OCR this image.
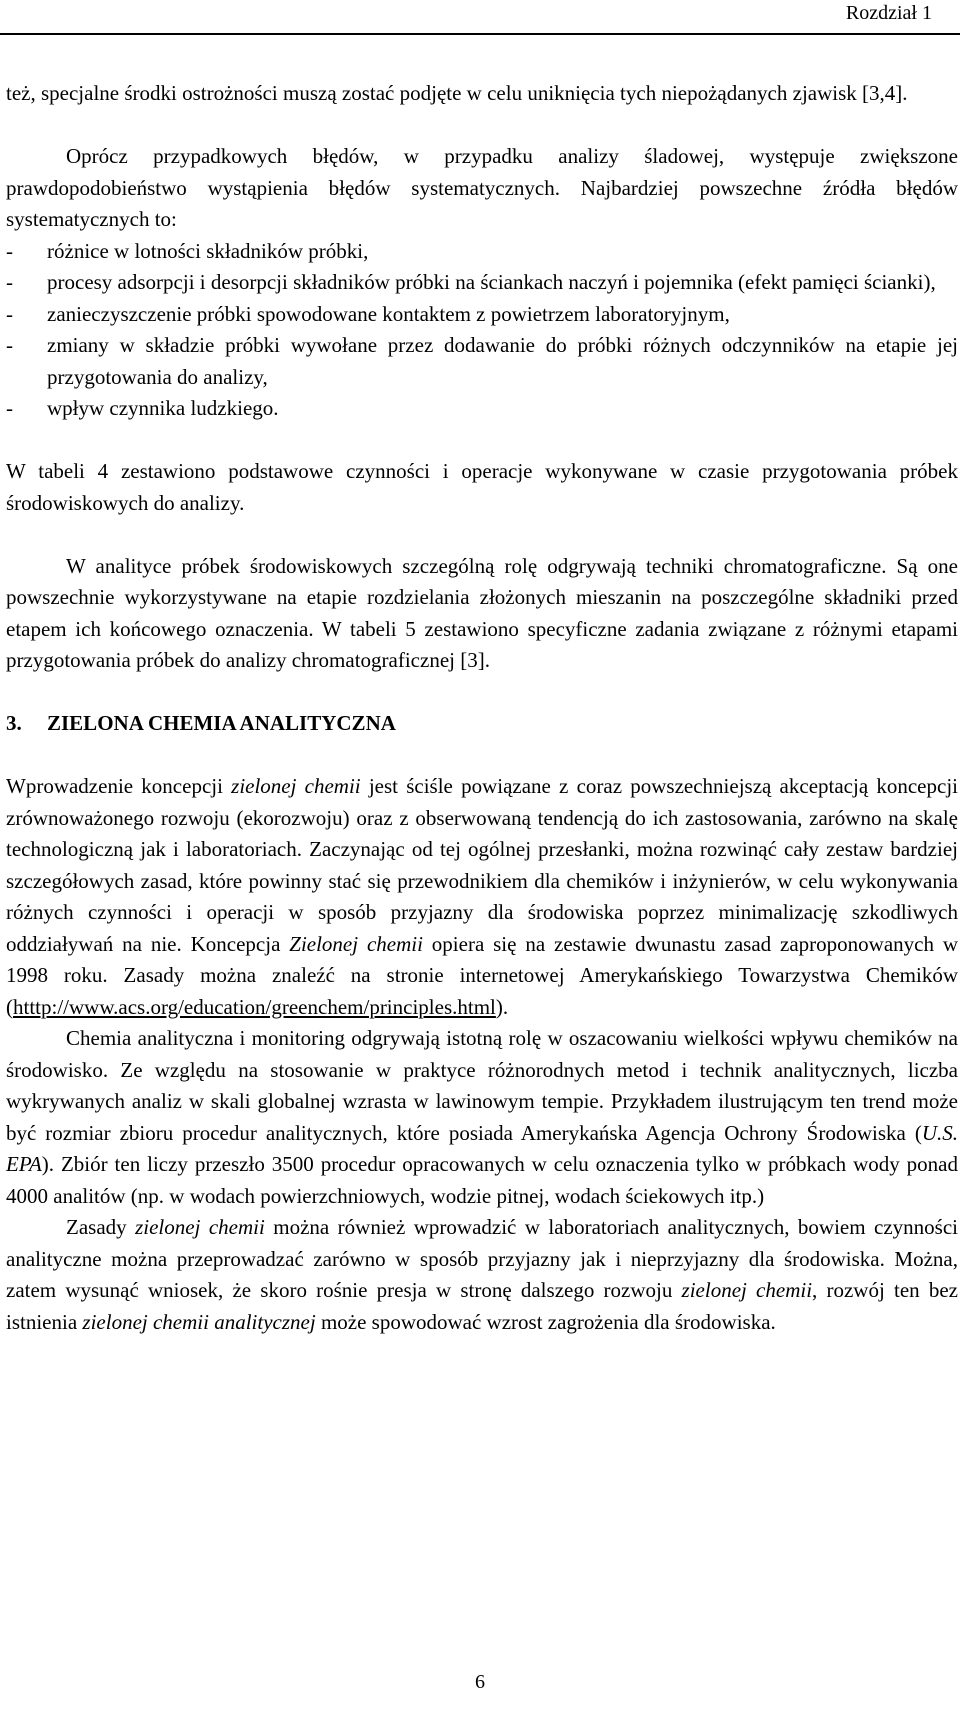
Rozdział 1

też, specjalne środki ostrożności muszą zostać podjęte w celu uniknięcia tych niepożądanych zjawisk [3,4].

Oprócz przypadkowych błędów, w przypadku analizy śladowej, występuje zwiększone prawdopodobieństwo wystąpienia błędów systematycznych. Najbardziej powszechne źródła błędów systematycznych to:

- różnice w lotności składników próbki,
- procesy adsorpcji i desorpcji składników próbki na ściankach naczyń i pojemnika (efekt pamięci ścianki),
- zanieczyszczenie próbki spowodowane kontaktem z powietrzem laboratoryjnym,
- zmiany w składzie próbki wywołane przez dodawanie do próbki różnych odczynników na etapie jej przygotowania do analizy,
- wpływ czynnika ludzkiego.

W tabeli 4 zestawiono podstawowe czynności i operacje wykonywane w czasie przygotowania próbek środowiskowych do analizy.

W analityce próbek środowiskowych szczególną rolę odgrywają techniki chromatograficzne. Są one powszechnie wykorzystywane na etapie rozdzielania złożonych mieszanin na poszczególne składniki przed etapem ich końcowego oznaczenia. W tabeli 5 zestawiono specyficzne zadania związane z różnymi etapami przygotowania próbek do analizy chromatograficznej [3].

3. ZIELONA CHEMIA ANALITYCZNA

Wprowadzenie koncepcji zielonej chemii jest ściśle powiązane z coraz powszechniejszą akceptacją koncepcji zrównoważonego rozwoju (ekorozwoju) oraz z obserwowaną tendencją do ich zastosowania, zarówno na skalę technologiczną jak i laboratoriach. Zaczynając od tej ogólnej przesłanki, można rozwinąć cały zestaw bardziej szczegółowych zasad, które powinny stać się przewodnikiem dla chemików i inżynierów, w celu wykonywania różnych czynności i operacji w sposób przyjazny dla środowiska poprzez minimalizację szkodliwych oddziaływań na nie. Koncepcja Zielonej chemii opiera się na zestawie dwunastu zasad zaproponowanych w 1998 roku. Zasady można znaleźć na stronie internetowej Amerykańskiego Towarzystwa Chemików (htttp://www.acs.org/education/greenchem/principles.html).

Chemia analityczna i monitoring odgrywają istotną rolę w oszacowaniu wielkości wpływu chemików na środowisko. Ze względu na stosowanie w praktyce różnorodnych metod i technik analitycznych, liczba wykrywanych analiz w skali globalnej wzrasta w lawinowym tempie. Przykładem ilustrującym ten trend może być rozmiar zbioru procedur analitycznych, które posiada Amerykańska Agencja Ochrony Środowiska (U.S. EPA). Zbiór ten liczy przeszło 3500 procedur opracowanych w celu oznaczenia tylko w próbkach wody ponad 4000 analitów (np. w wodach powierzchniowych, wodzie pitnej, wodach ściekowych itp.)

Zasady zielonej chemii można również wprowadzić w laboratoriach analitycznych, bowiem czynności analityczne można przeprowadzać zarówno w sposób przyjazny jak i nieprzyjazny dla środowiska. Można, zatem wysunąć wniosek, że skoro rośnie presja w stronę dalszego rozwoju zielonej chemii, rozwój ten bez istnienia zielonej chemii analitycznej może spowodować wzrost zagrożenia dla środowiska.

6
